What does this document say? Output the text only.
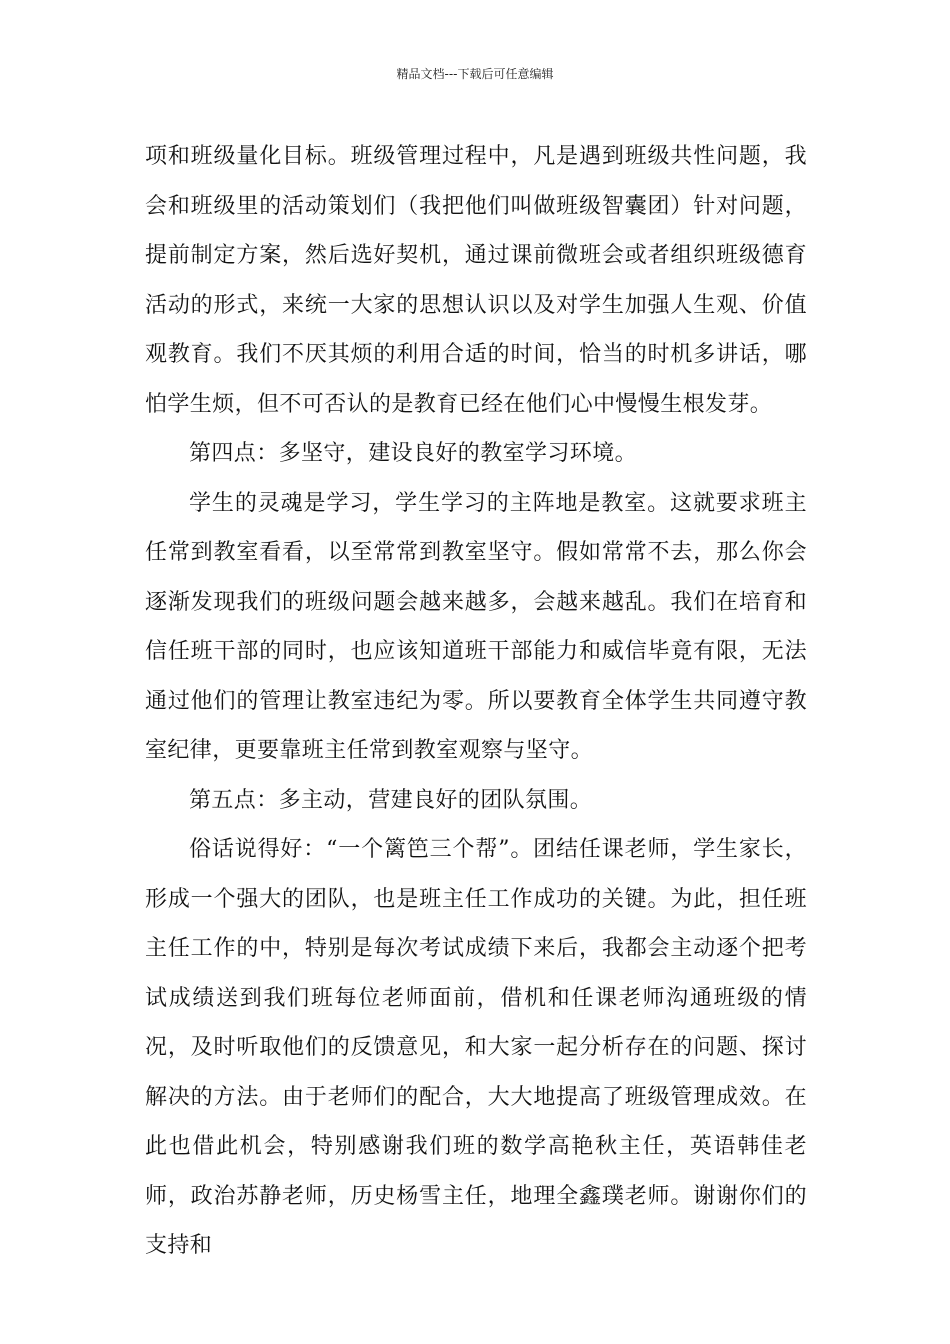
精品文档---下载后可任意编辑

项和班级量化目标。班级管理过程中，凡是遇到班级共性问题，我会和班级里的活动策划们（我把他们叫做班级智囊团）针对问题，提前制定方案，然后选好契机，通过课前微班会或者组织班级德育活动的形式，来统一大家的思想认识以及对学生加强人生观、价值观教育。我们不厌其烦的利用合适的时间，恰当的时机多讲话，哪怕学生烦，但不可否认的是教育已经在他们心中慢慢生根发芽。

第四点：多坚守，建设良好的教室学习环境。

学生的灵魂是学习，学生学习的主阵地是教室。这就要求班主任常到教室看看，以至常常到教室坚守。假如常常不去，那么你会逐渐发现我们的班级问题会越来越多，会越来越乱。我们在培育和信任班干部的同时，也应该知道班干部能力和威信毕竟有限，无法通过他们的管理让教室违纪为零。所以要教育全体学生共同遵守教室纪律，更要靠班主任常到教室观察与坚守。

第五点：多主动，营建良好的团队氛围。

俗话说得好：“一个篱笆三个帮”。团结任课老师，学生家长，形成一个强大的团队，也是班主任工作成功的关键。为此，担任班主任工作的中，特别是每次考试成绩下来后，我都会主动逐个把考试成绩送到我们班每位老师面前，借机和任课老师沟通班级的情况，及时听取他们的反馈意见，和大家一起分析存在的问题、探讨解决的方法。由于老师们的配合，大大地提高了班级管理成效。在此也借此机会，特别感谢我们班的数学高艳秋主任，英语韩佳老师，政治苏静老师，历史杨雪主任，地理全鑫璞老师。谢谢你们的支持和
